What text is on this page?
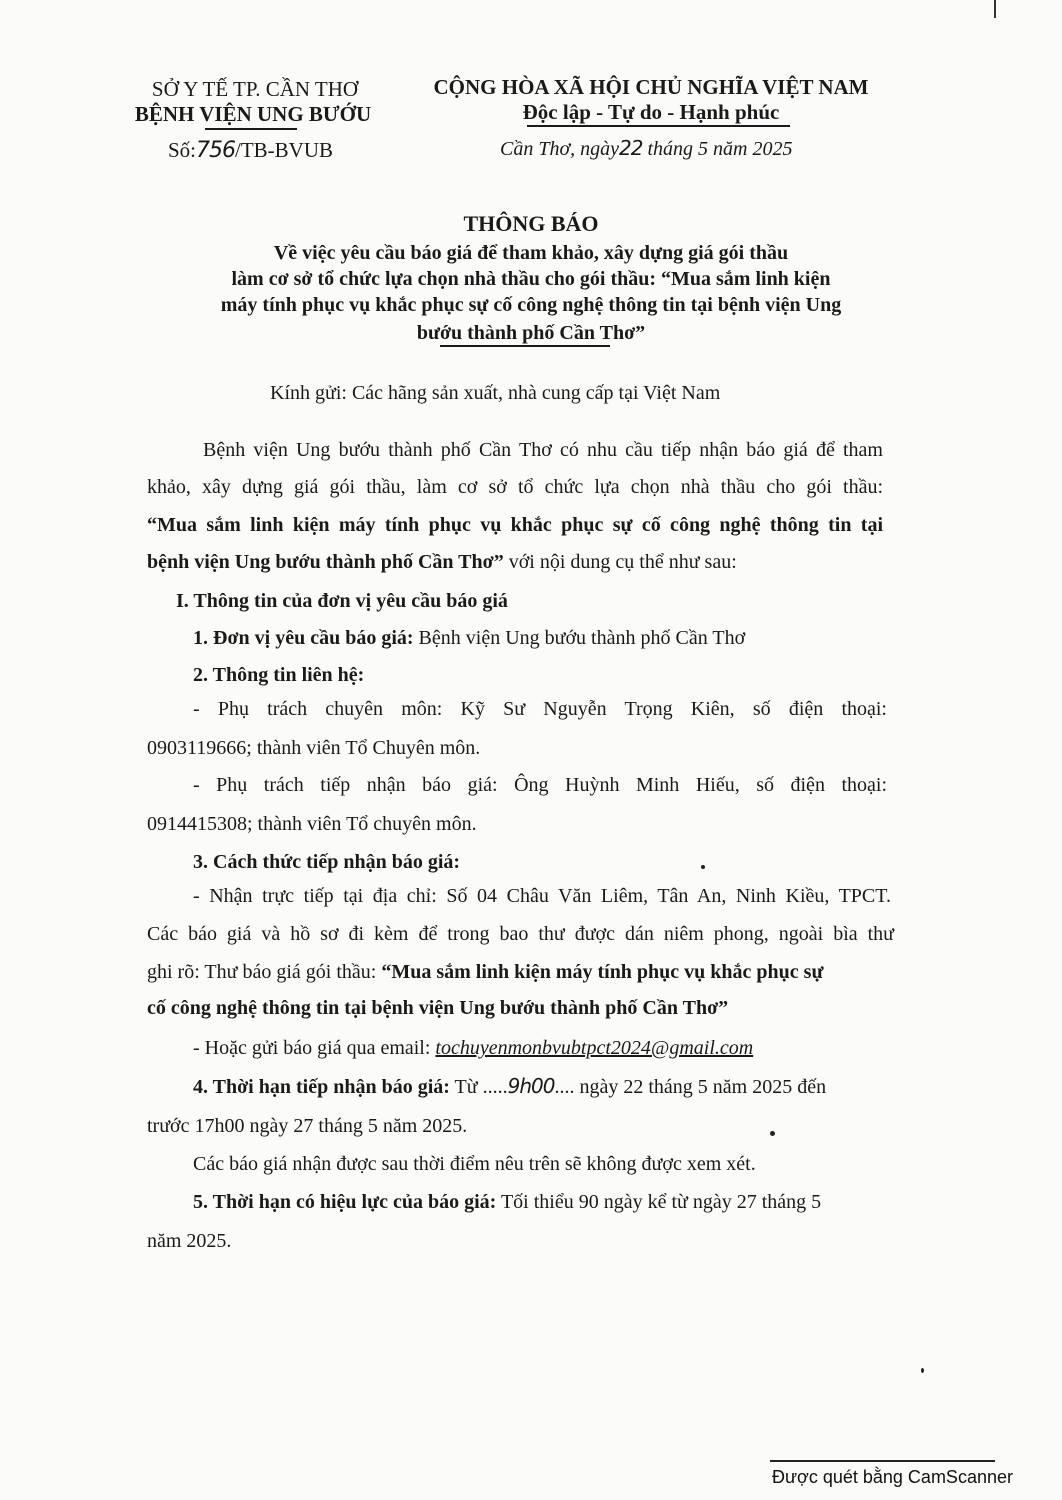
SỞ Y TẾ TP. CẦN THƠ
BỆNH VIỆN UNG BƯỚU
Số:756/TB-BVUB
CỘNG HÒA XÃ HỘI CHỦ NGHĨA VIỆT NAM
Độc lập - Tự do - Hạnh phúc
Cần Thơ, ngày22 tháng 5 năm 2025
THÔNG BÁO
Về việc yêu cầu báo giá để tham khảo, xây dựng giá gói thầu
làm cơ sở tổ chức lựa chọn nhà thầu cho gói thầu: “Mua sắm linh kiện
máy tính phục vụ khắc phục sự cố công nghệ thông tin tại bệnh viện Ung
bướu thành phố Cần Thơ”
Kính gửi: Các hãng sản xuất, nhà cung cấp tại Việt Nam
Bệnh viện Ung bướu thành phố Cần Thơ có nhu cầu tiếp nhận báo giá để tham
khảo, xây dựng giá gói thầu, làm cơ sở tổ chức lựa chọn nhà thầu cho gói thầu:
“Mua sắm linh kiện máy tính phục vụ khắc phục sự cố công nghệ thông tin tại
bệnh viện Ung bướu thành phố Cần Thơ” với nội dung cụ thể như sau:
I. Thông tin của đơn vị yêu cầu báo giá
1. Đơn vị yêu cầu báo giá: Bệnh viện Ung bướu thành phố Cần Thơ
2. Thông tin liên hệ:
- Phụ trách chuyên môn: Kỹ Sư Nguyễn Trọng Kiên, số điện thoại:
0903119666; thành viên Tổ Chuyên môn.
- Phụ trách tiếp nhận báo giá: Ông Huỳnh Minh Hiếu, số điện thoại:
0914415308; thành viên Tổ chuyên môn.
3. Cách thức tiếp nhận báo giá:
- Nhận trực tiếp tại địa chỉ: Số 04 Châu Văn Liêm, Tân An, Ninh Kiều, TPCT.
Các báo giá và hồ sơ đi kèm để trong bao thư được dán niêm phong, ngoài bìa thư
ghi rõ: Thư báo giá gói thầu: “Mua sắm linh kiện máy tính phục vụ khắc phục sự
cố công nghệ thông tin tại bệnh viện Ung bướu thành phố Cần Thơ”
- Hoặc gửi báo giá qua email: tochuyenmonbvubtpct2024@gmail.com
4. Thời hạn tiếp nhận báo giá: Từ .....9h00.... ngày 22 tháng 5 năm 2025 đến
trước 17h00 ngày 27 tháng 5 năm 2025.
Các báo giá nhận được sau thời điểm nêu trên sẽ không được xem xét.
5. Thời hạn có hiệu lực của báo giá: Tối thiểu 90 ngày kể từ ngày 27 tháng 5
năm 2025.
Được quét bằng CamScanner
